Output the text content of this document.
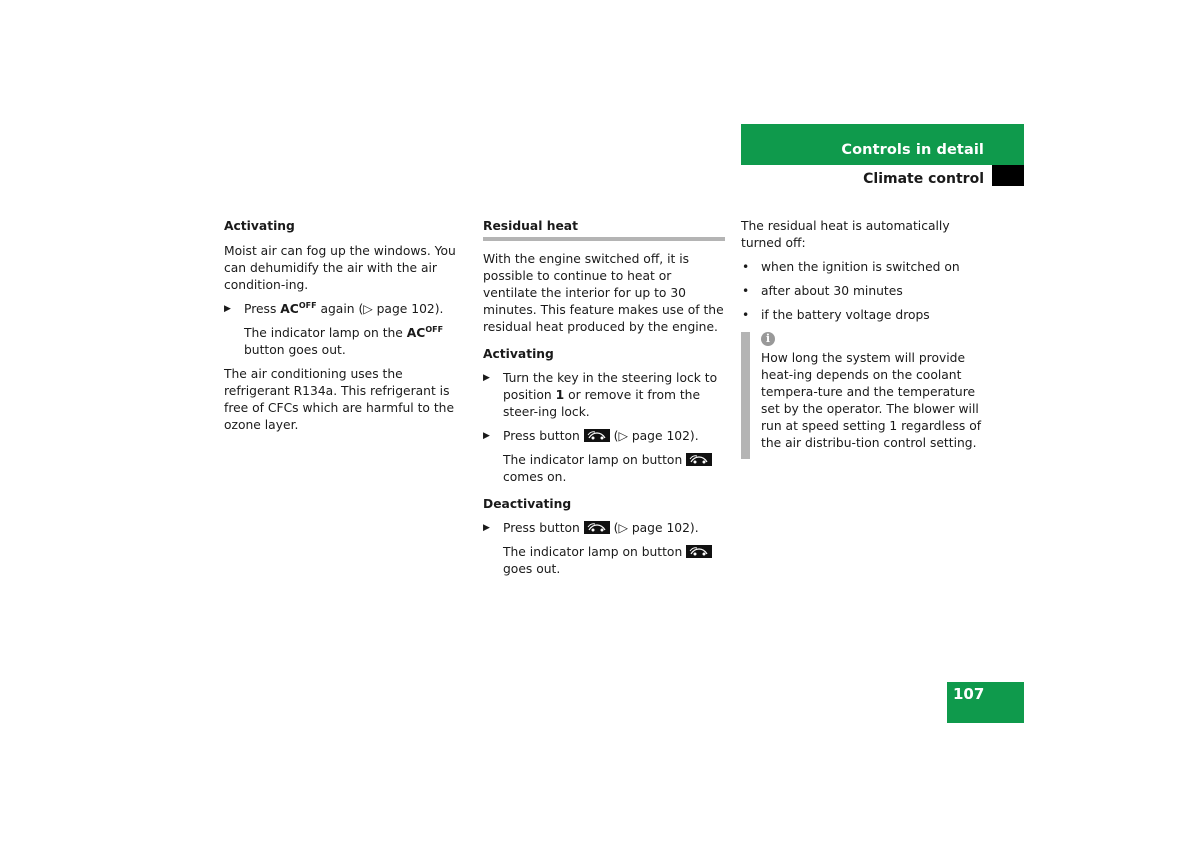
Controls in detail
Climate control
Activating

Moist air can fog up the windows. You can dehumidify the air with the air condition-ing.

▶ Press $AC^{OFF}$ again (▷ page 102).
The indicator lamp on the $AC^{OFF}$ button goes out.

The air conditioning uses the refrigerant R134a. This refrigerant is free of CFCs which are harmful to the ozone layer.

Residual heat

With the engine switched off, it is possible to continue to heat or ventilate the interior for up to 30 minutes. This feature makes use of the residual heat produced by the engine.

Activating
▶ Turn the key in the steering lock to position 1 or remove it from the steer-ing lock.
▶ Press button  (▷ page 102).
The indicator lamp on button  comes on.
Deactivating
▶ Press button  (▷ page 102).
The indicator lamp on button  goes out.

The residual heat is automatically turned off:

• when the ignition is switched on
• after about 30 minutes
• if the battery voltage drops
i

How long the system will provide heat-ing depends on the coolant tempera-ture and the temperature set by the operator. The blower will run at speed setting 1 regardless of the air distribu-tion control setting.

107
